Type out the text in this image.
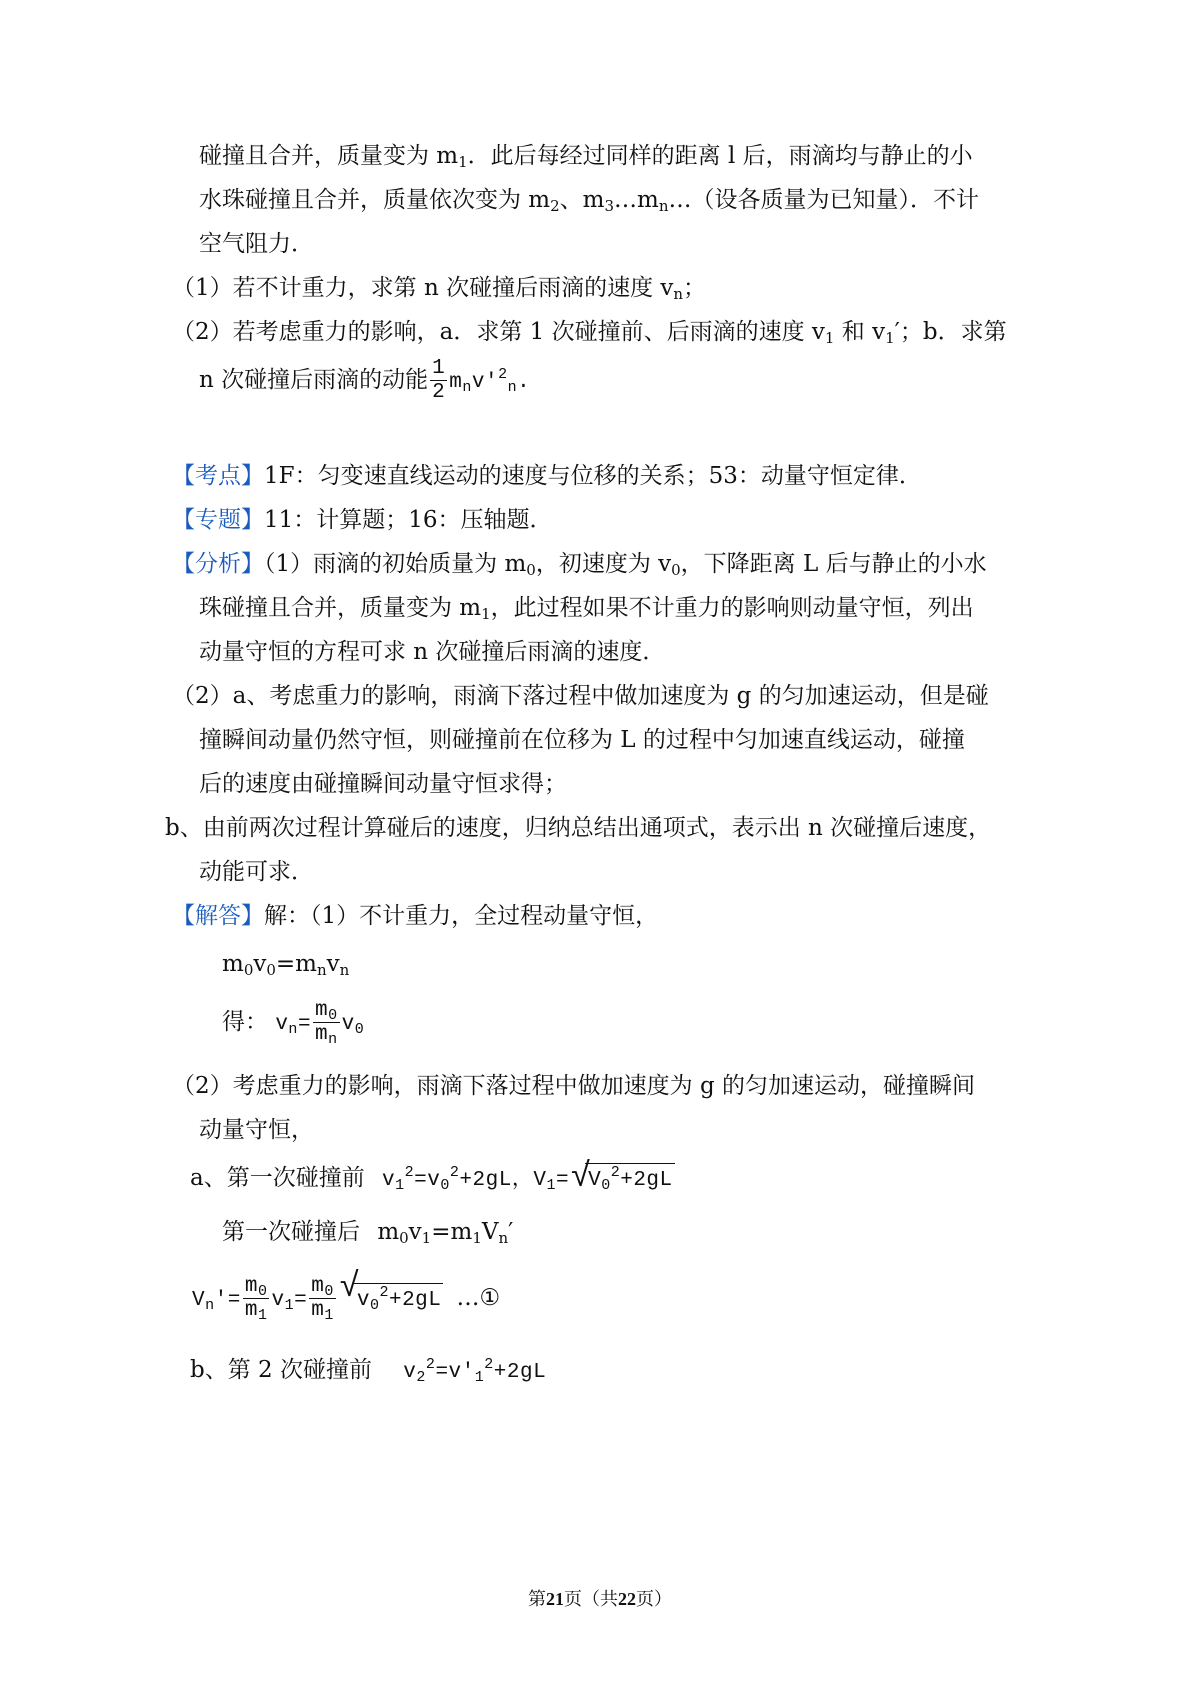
碰撞且合并，质量变为 $m_1$．此后每经过同样的距离 l 后，雨滴均与静止的小
水珠碰撞且合并，质量依次变为 $m_2$、$m_3\dots m_n\dots$（设各质量为已知量）．不计
空气阻力．
（1）若不计重力，求第 n 次碰撞后雨滴的速度 $v_n$；
（2）若考虑重力的影响，a．求第 1 次碰撞前、后雨滴的速度 $v_1$ 和 $v_1'$；b．求第
n 次碰撞后雨滴的动能 $\frac{1}{2} m_nv'^2_n$.
【考点】1F：匀变速直线运动的速度与位移的关系；53：动量守恒定律．
【专题】11：计算题；16：压轴题．
【分析】（1）雨滴的初始质量为 $m_0$，初速度为 $v_0$，下降距离 L 后与静止的小水
珠碰撞且合并，质量变为 $m_1$，此过程如果不计重力的影响则动量守恒，列出
动量守恒的方程可求 n 次碰撞后雨滴的速度．
（2）a、考虑重力的影响，雨滴下落过程中做加速度为 g 的匀加速运动，但是碰
撞瞬间动量仍然守恒，则碰撞前在位移为 L 的过程中匀加速直线运动，碰撞
后的速度由碰撞瞬间动量守恒求得；
b、由前两次过程计算碰后的速度，归纳总结出通项式，表示出 n 次碰撞后速度，
动能可求．
【解答】解：（1）不计重力，全过程动量守恒，
$m_0v_0=m_nv_n$
得： $v_n= \frac{m_0}{m_n} v_0$
（2）考虑重力的影响，雨滴下落过程中做加速度为 g 的匀加速运动，碰撞瞬间
动量守恒，
a、第一次碰撞前 $v_1^2=v_0^2+2gL$，$V_1=$ √
$V_0^2+2gL$
第一次碰撞后 $m_0v_1=m_1V_n'$
$V_n'= \frac{m_0}{m_1} v_1= \frac{m_0}{m_1}$ √
$v_0^2+2gL$ …①
b、第 2 次碰撞前 $v_2^2=v'_1^2+2gL$
第21页（共22页）
